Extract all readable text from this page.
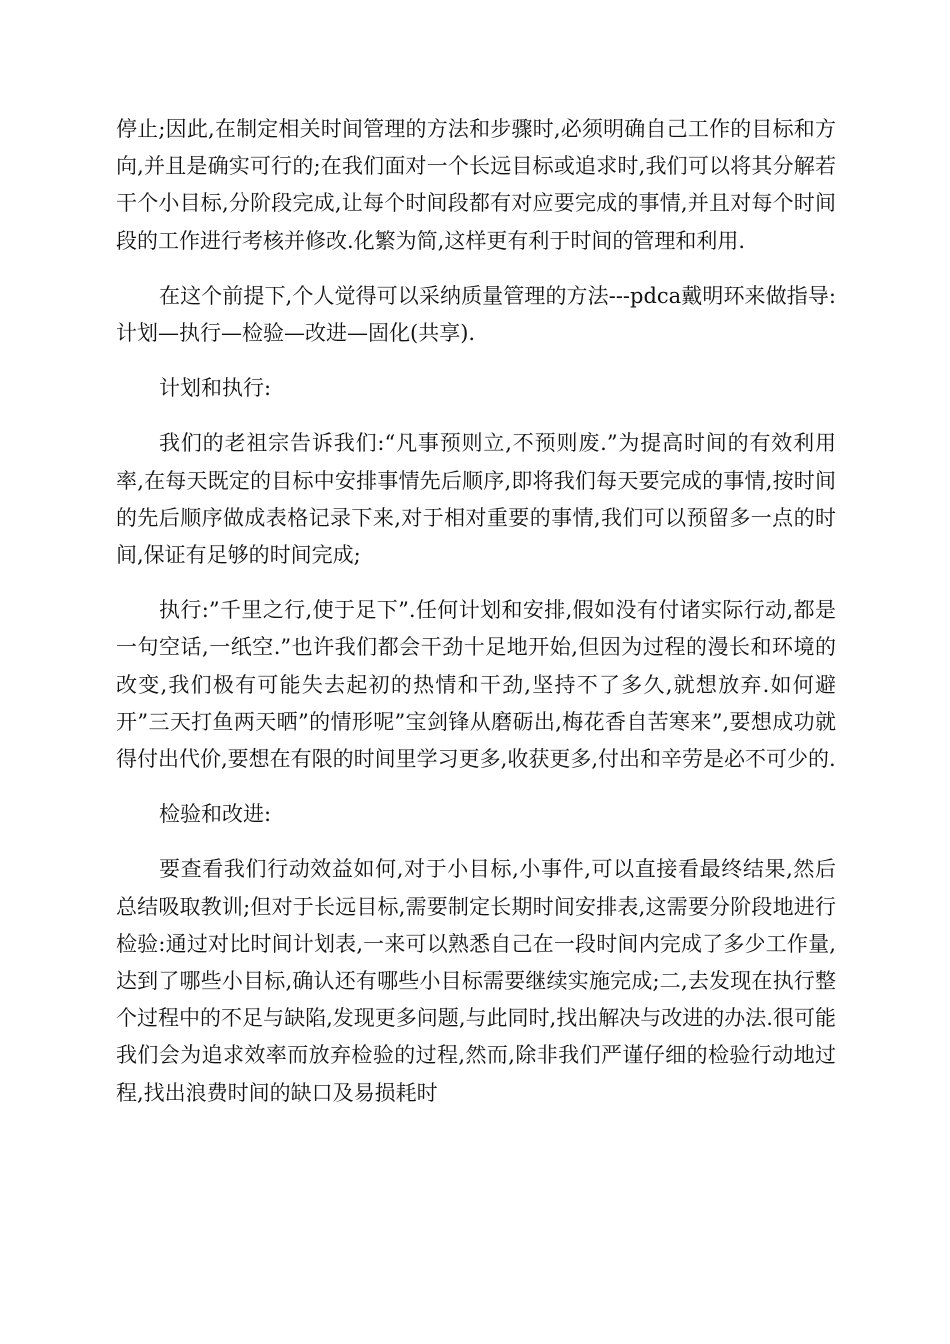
停止;因此,在制定相关时间管理的方法和步骤时,必须明确自己工作的目标和方向,并且是确实可行的;在我们面对一个长远目标或追求时,我们可以将其分解若干个小目标,分阶段完成,让每个时间段都有对应要完成的事情,并且对每个时间段的工作进行考核并修改.化繁为简,这样更有利于时间的管理和利用.

在这个前提下,个人觉得可以采纳质量管理的方法---pdca戴明环来做指导:计划—执行—检验—改进—固化(共享).

计划和执行:

我们的老祖宗告诉我们:“凡事预则立,不预则废.”为提高时间的有效利用率,在每天既定的目标中安排事情先后顺序,即将我们每天要完成的事情,按时间的先后顺序做成表格记录下来,对于相对重要的事情,我们可以预留多一点的时间,保证有足够的时间完成;

执行:”千里之行,使于足下”.任何计划和安排,假如没有付诸实际行动,都是一句空话,一纸空.”也许我们都会干劲十足地开始,但因为过程的漫长和环境的改变,我们极有可能失去起初的热情和干劲,坚持不了多久,就想放弃.如何避开”三天打鱼两天晒”的情形呢”宝剑锋从磨砺出,梅花香自苦寒来”,要想成功就得付出代价,要想在有限的时间里学习更多,收获更多,付出和辛劳是必不可少的.

检验和改进:

要查看我们行动效益如何,对于小目标,小事件,可以直接看最终结果,然后总结吸取教训;但对于长远目标,需要制定长期时间安排表,这需要分阶段地进行检验:通过对比时间计划表,一来可以熟悉自己在一段时间内完成了多少工作量,达到了哪些小目标,确认还有哪些小目标需要继续实施完成;二,去发现在执行整个过程中的不足与缺陷,发现更多问题,与此同时,找出解决与改进的办法.很可能我们会为追求效率而放弃检验的过程,然而,除非我们严谨仔细的检验行动地过程,找出浪费时间的缺口及易损耗时
